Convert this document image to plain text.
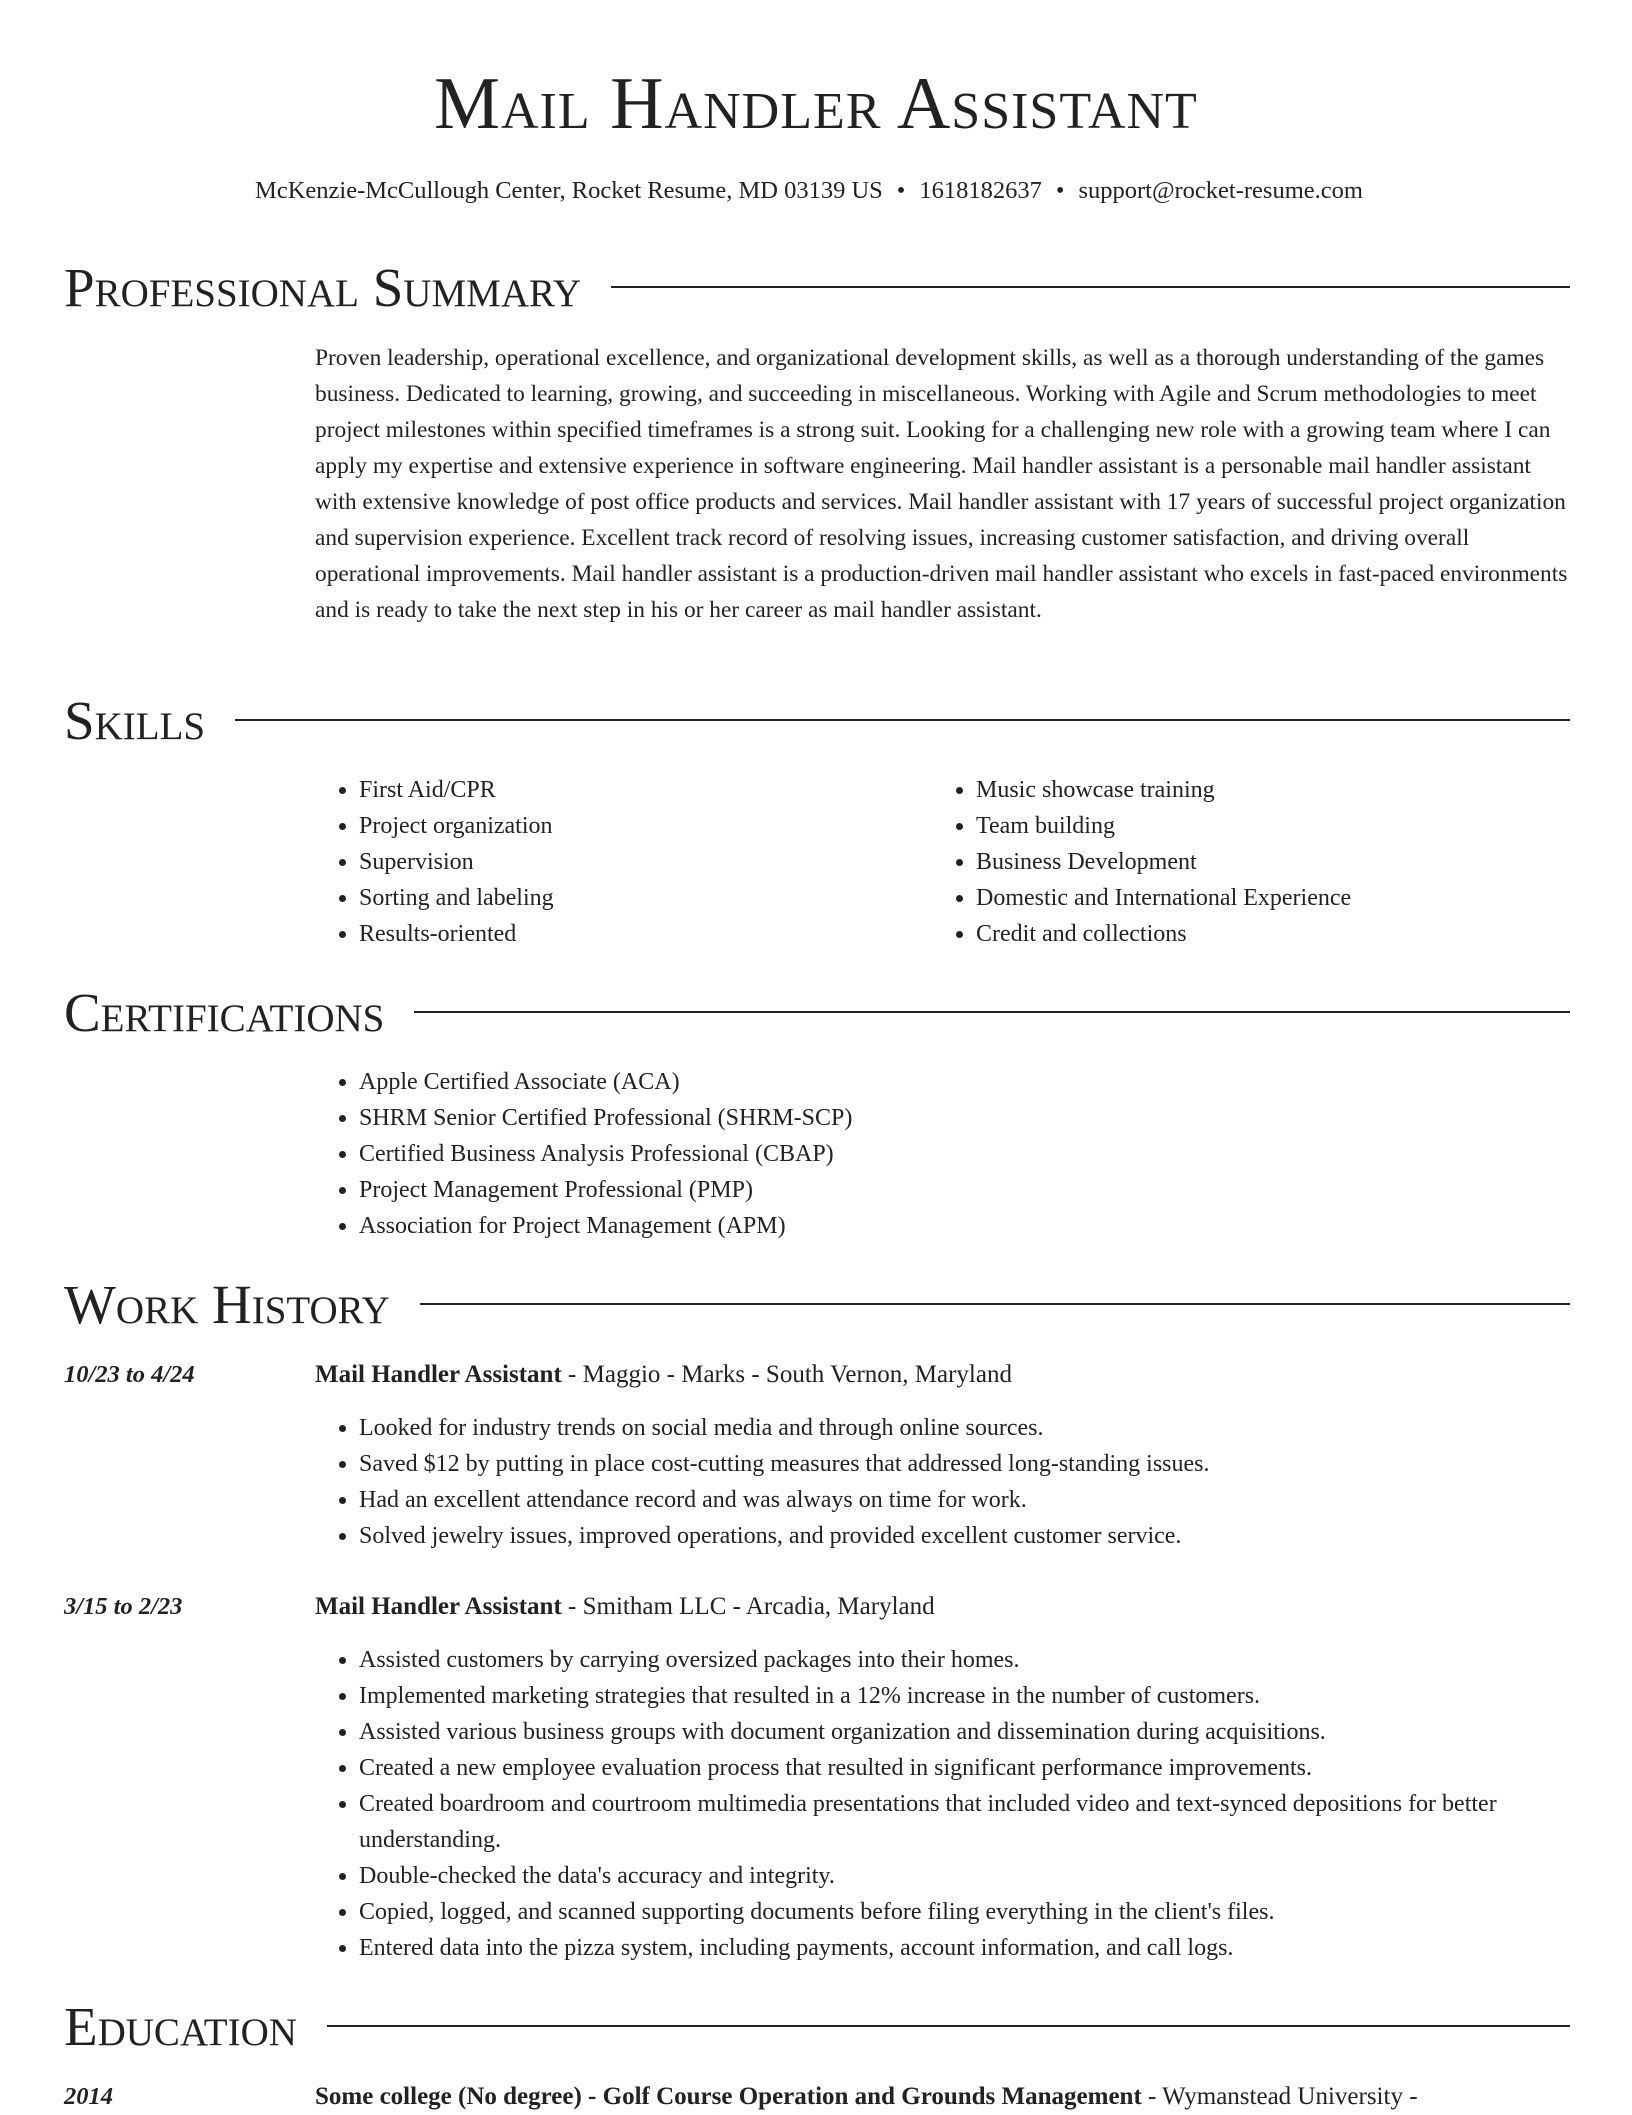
Mail Handler Assistant
McKenzie-McCullough Center, Rocket Resume, MD 03139 US • 1618182637 • support@rocket-resume.com
Professional Summary

Proven leadership, operational excellence, and organizational development skills, as well as a thorough understanding of the games business. Dedicated to learning, growing, and succeeding in miscellaneous. Working with Agile and Scrum methodologies to meet project milestones within specified timeframes is a strong suit. Looking for a challenging new role with a growing team where I can apply my expertise and extensive experience in software engineering. Mail handler assistant is a personable mail handler assistant with extensive knowledge of post office products and services. Mail handler assistant with 17 years of successful project organization and supervision experience. Excellent track record of resolving issues, increasing customer satisfaction, and driving overall operational improvements. Mail handler assistant is a production-driven mail handler assistant who excels in fast-paced environments and is ready to take the next step in his or her career as mail handler assistant.

Skills
• First Aid/CPR
• Project organization
• Supervision
• Sorting and labeling
• Results-oriented
• Music showcase training
• Team building
• Business Development
• Domestic and International Experience
• Credit and collections
Certifications
• Apple Certified Associate (ACA)
• SHRM Senior Certified Professional (SHRM-SCP)
• Certified Business Analysis Professional (CBAP)
• Project Management Professional (PMP)
• Association for Project Management (APM)
Work History
10/23 to 4/24	Mail Handler Assistant - Maggio - Marks - South Vernon, Maryland
• Looked for industry trends on social media and through online sources.
• Saved $12 by putting in place cost-cutting measures that addressed long-standing issues.
• Had an excellent attendance record and was always on time for work.
• Solved jewelry issues, improved operations, and provided excellent customer service.
3/15 to 2/23	Mail Handler Assistant - Smitham LLC - Arcadia, Maryland
• Assisted customers by carrying oversized packages into their homes.
• Implemented marketing strategies that resulted in a 12% increase in the number of customers.
• Assisted various business groups with document organization and dissemination during acquisitions.
• Created a new employee evaluation process that resulted in significant performance improvements.
• Created boardroom and courtroom multimedia presentations that included video and text-synced depositions for better understanding.
• Double-checked the data's accuracy and integrity.
• Copied, logged, and scanned supporting documents before filing everything in the client's files.
• Entered data into the pizza system, including payments, account information, and call logs.
Education
2014	Some college (No degree) - Golf Course Operation and Grounds Management - Wymanstead University -
